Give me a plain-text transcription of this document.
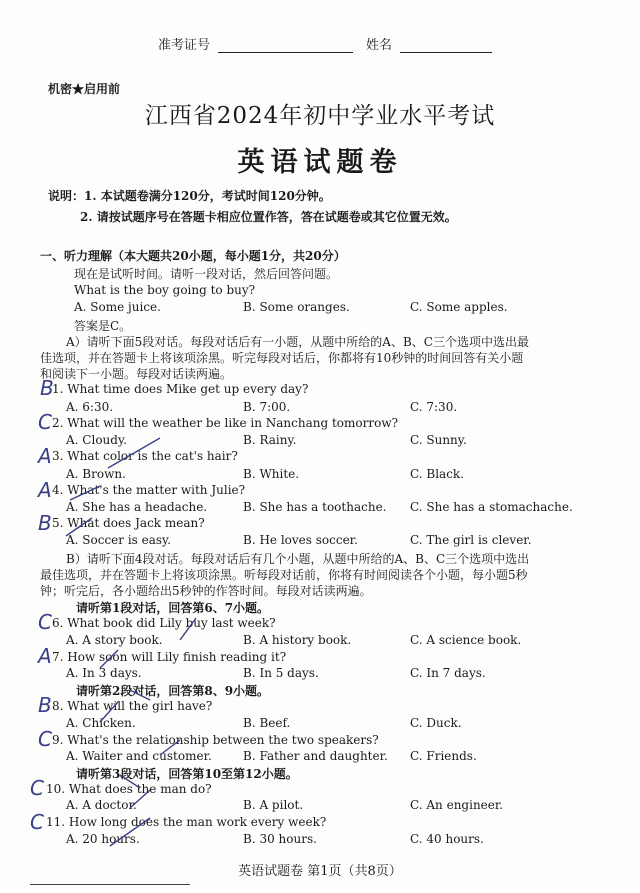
准考证号	姓名
机密★启用前
江西省2024年初中学业水平考试
英语试题卷
说明：1. 本试题卷满分120分，考试时间120分钟。
2. 请按试题序号在答题卡相应位置作答，答在试题卷或其它位置无效。
一、听力理解（本大题共20小题，每小题1分，共20分）
现在是试听时间。请听一段对话，然后回答问题。
What is the boy going to buy?
A. Some juice.	B. Some oranges.	C. Some apples.
答案是C。
A）请听下面5段对话。每段对话后有一小题，从题中所给的A、B、C三个选项中选出最
佳选项，并在答题卡上将该项涂黑。听完每段对话后，你都将有10秒钟的时间回答有关小题
和阅读下一小题。每段对话读两遍。
B
1. What time does Mike get up every day?
A. 6:30.	B. 7:00.	C. 7:30.
C 2. What will the weather be like in Nanchang tomorrow?
A. Cloudy.	B. Rainy.	C. Sunny.
A 3. What color is the cat's hair?
A. Brown.	B. White.	C. Black.
A 4. What's the matter with Julie?
A. She has a headache.	B. She has a toothache. C. She has a stomachache.
B 5. What does Jack mean?
A. Soccer is easy.	B. He loves soccer.	C. The girl is clever.
B）请听下面4段对话。每段对话后有几个小题，从题中所给的A、B、C三个选项中选出
最佳选项，并在答题卡上将该项涂黑。听每段对话前，你将有时间阅读各个小题，每小题5秒
钟；听完后，各小题给出5秒钟的作答时间。每段对话读两遍。
请听第1段对话，回答第6、7小题。
C 6. What book did Lily buy last week?
A. A story book.	B. A history book.	C. A science book.
A 7. How soon will Lily finish reading it?
A. In 3 days.	B. In 5 days.	C. In 7 days.
请听第2段对话，回答第8、9小题。
B 8. What will the girl have?
A. Chicken.	B. Beef.	C. Duck.
C 9. What's the relationship between the two speakers?
A. Waiter and customer.	B. Father and daughter. C. Friends.
请听第3段对话，回答第10至第12小题。
C 10. What does the man do?
A. A doctor.	B. A pilot.	C. An engineer.
C 11. How long does the man work every week?
A. 20 hours.	B. 30 hours.	C. 40 hours.
英语试题卷 第1页（共8页）
